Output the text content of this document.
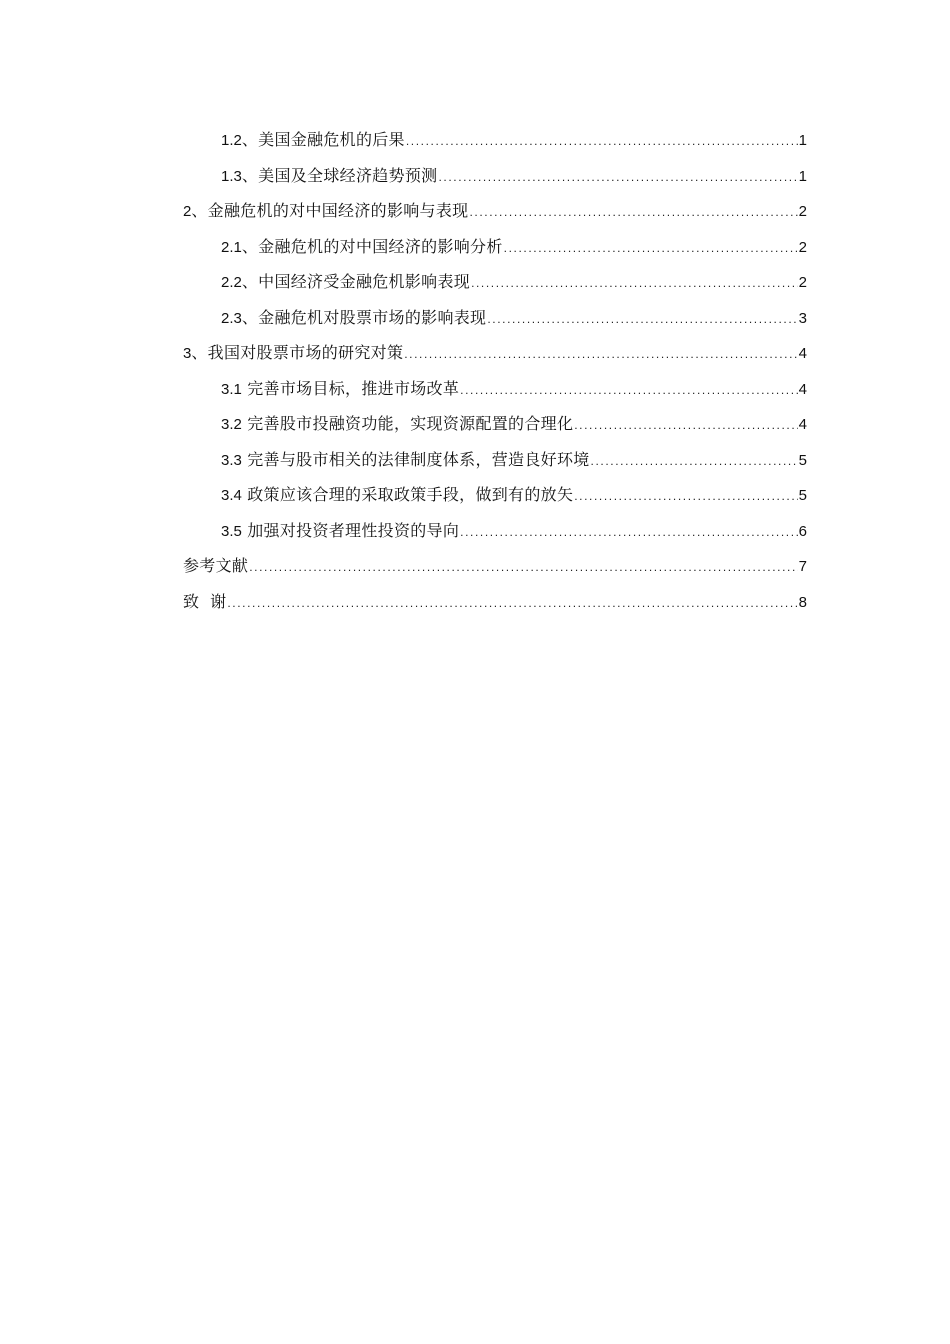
1.2、美国金融危机的后果 .....	1
1.3、美国及全球经济趋势预测 .....	1
2、金融危机的对中国经济的影响与表现 .....	2
2.1、金融危机的对中国经济的影响分析 .....	2
2.2、中国经济受金融危机影响表现 .....	2
2.3、金融危机对股票市场的影响表现 .....	3
3、我国对股票市场的研究对策 .....	4
3.1 完善市场目标，推进市场改革 .....	4
3.2 完善股市投融资功能，实现资源配置的合理化 .....	4
3.3 完善与股市相关的法律制度体系，营造良好环境 .....	5
3.4 政策应该合理的采取政策手段，做到有的放矢 .....	5
3.5 加强对投资者理性投资的导向 .....	6
参考文献 .....	7
致  谢 .....	8
